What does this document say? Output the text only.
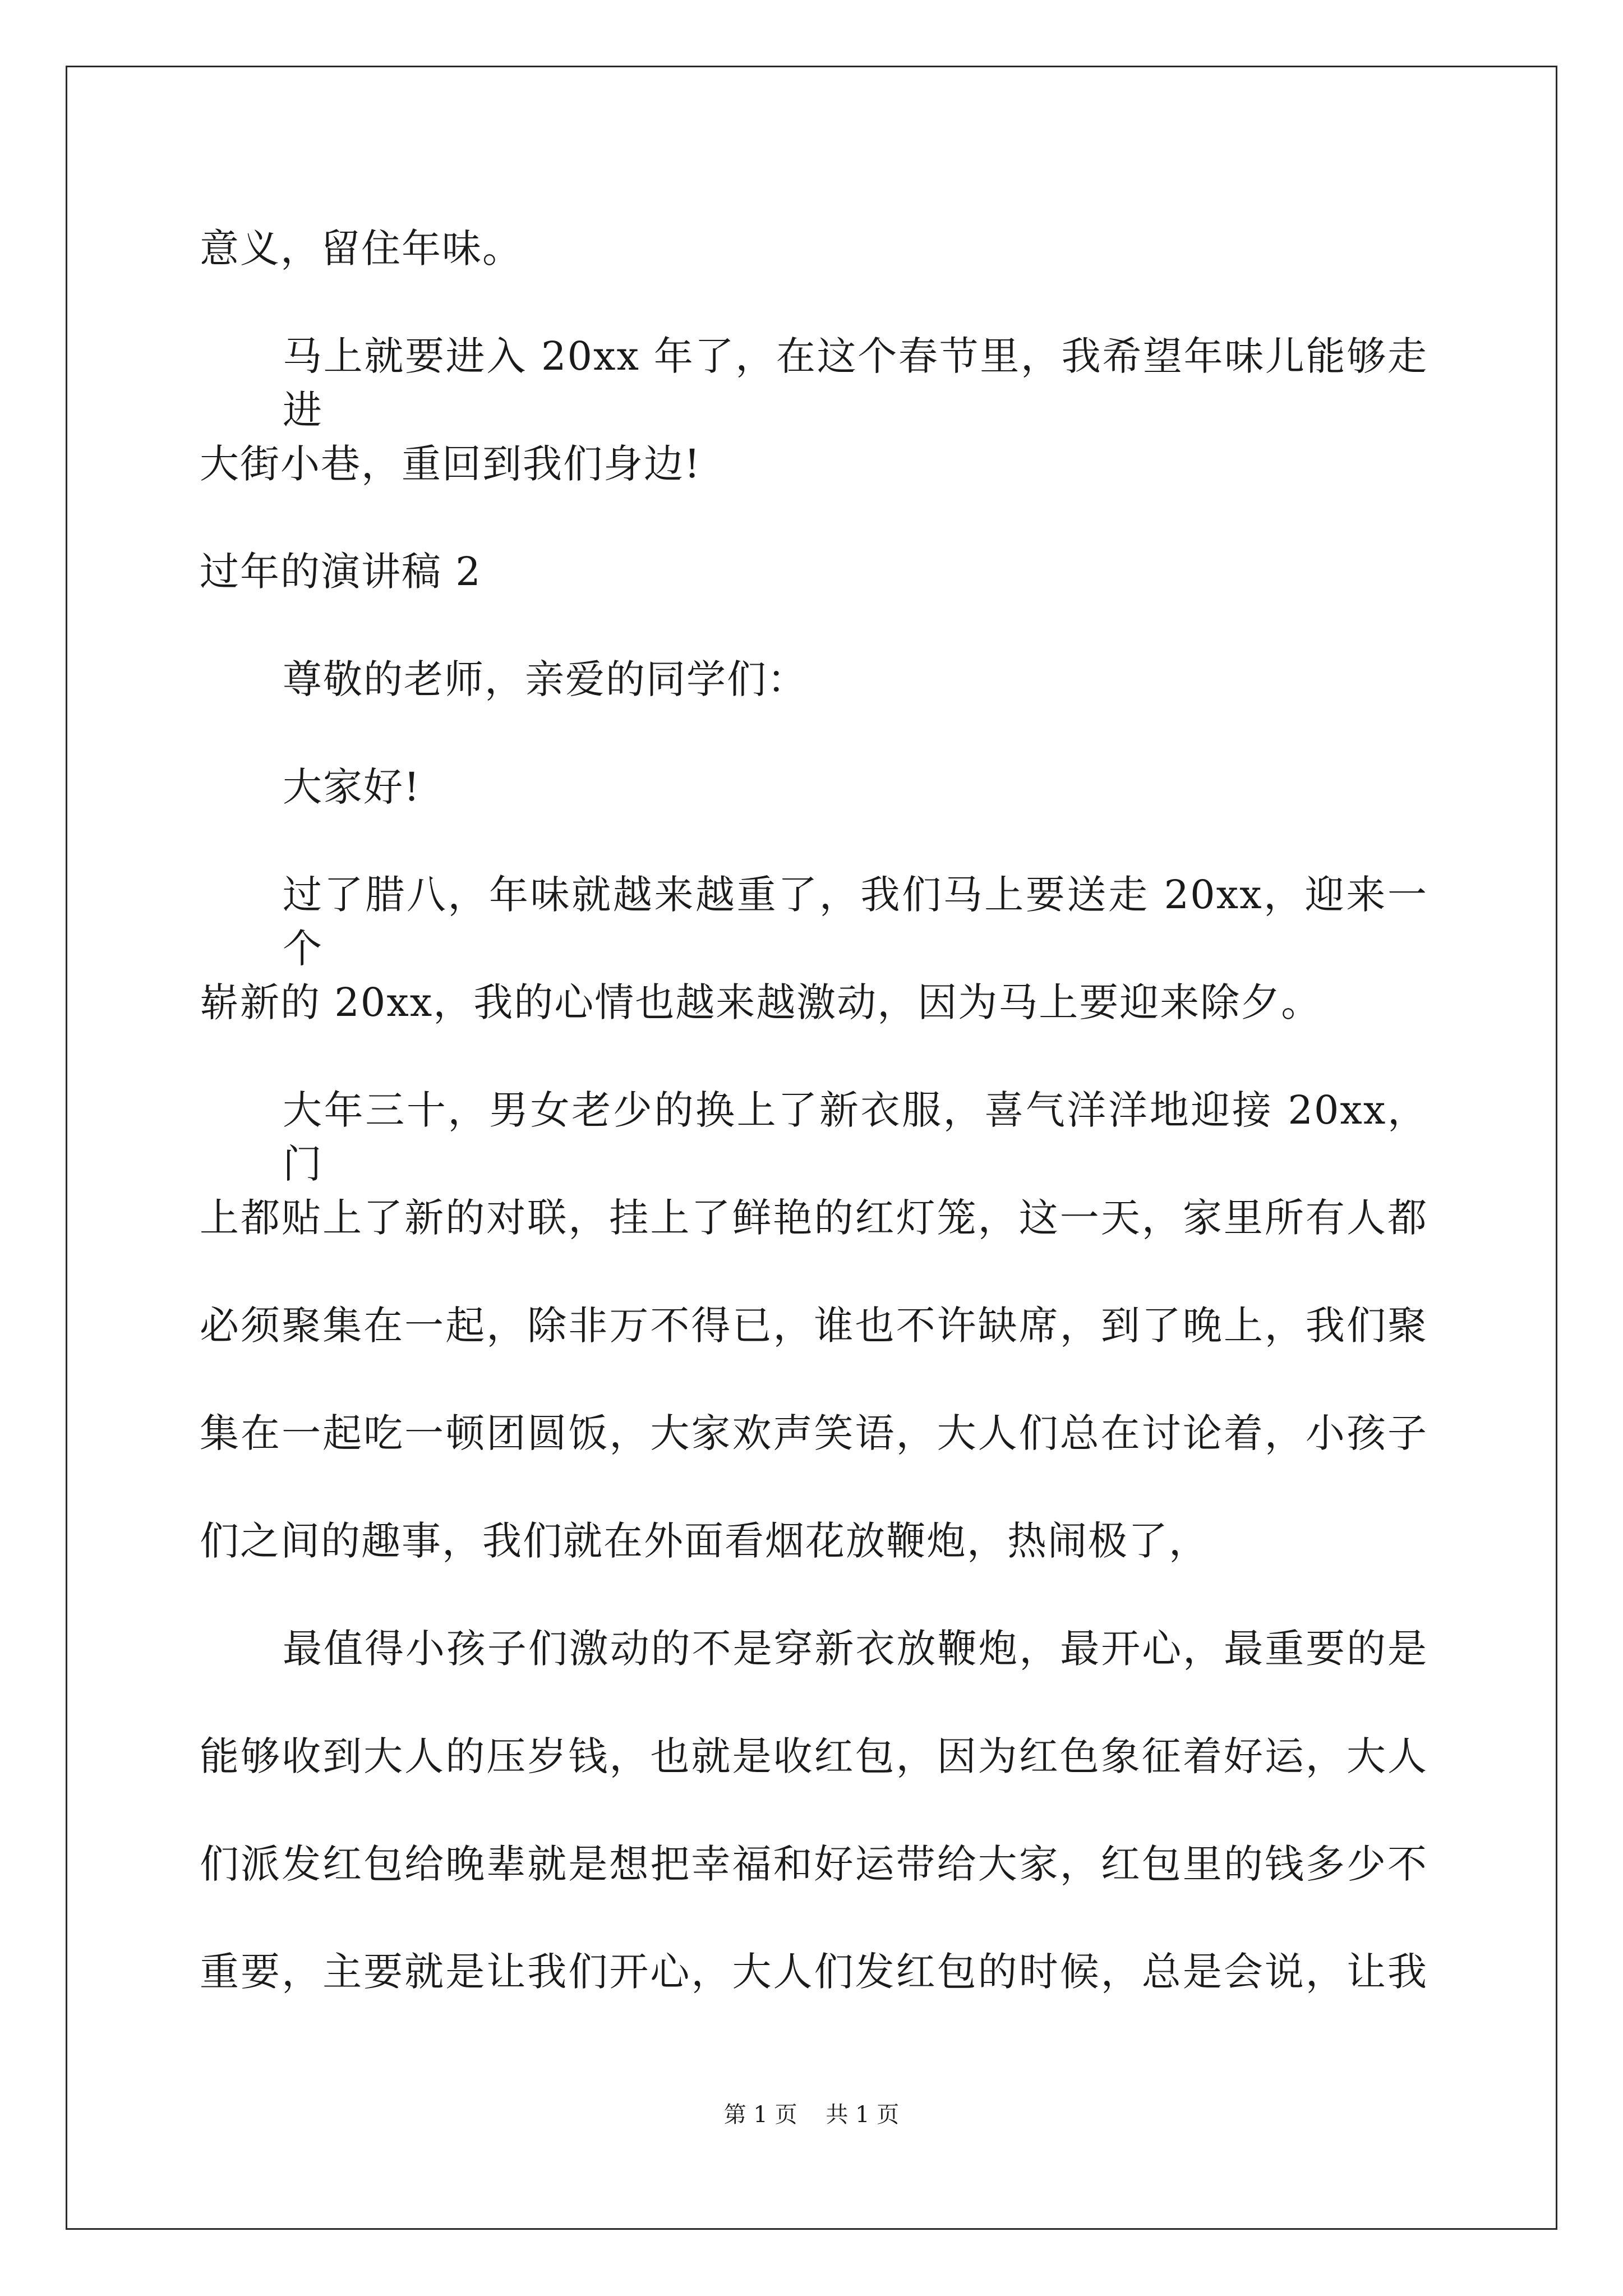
意义，留住年味。

马上就要进入 20xx 年了，在这个春节里，我希望年味儿能够走进

大街小巷，重回到我们身边!

过年的演讲稿 2

尊敬的老师，亲爱的同学们：

大家好!

过了腊八，年味就越来越重了，我们马上要送走 20xx，迎来一个

崭新的 20xx，我的心情也越来越激动，因为马上要迎来除夕。

大年三十，男女老少的换上了新衣服，喜气洋洋地迎接 20xx，门

上都贴上了新的对联，挂上了鲜艳的红灯笼，这一天，家里所有人都

必须聚集在一起，除非万不得已，谁也不许缺席，到了晚上，我们聚

集在一起吃一顿团圆饭，大家欢声笑语，大人们总在讨论着，小孩子

们之间的趣事，我们就在外面看烟花放鞭炮，热闹极了，

最值得小孩子们激动的不是穿新衣放鞭炮，最开心，最重要的是

能够收到大人的压岁钱，也就是收红包，因为红色象征着好运，大人

们派发红包给晚辈就是想把幸福和好运带给大家，红包里的钱多少不

重要，主要就是让我们开心，大人们发红包的时候，总是会说，让我

第 1 页    共 1 页
